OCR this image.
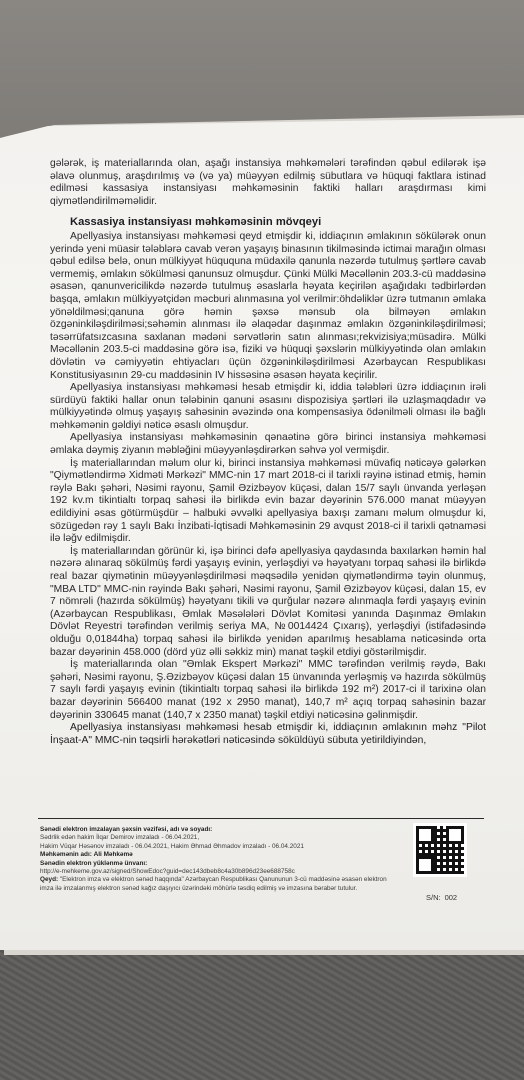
gələrək, iş materiallarında olan, aşağı instansiya məhkəmələri tərəfindən qəbul edilərək işə əlavə olunmuş, araşdırılmış və (və ya) müəyyən edilmiş sübutlara və hüquqi faktlara istinad edilməsi kassasiya instansiyası məhkəməsinin faktiki halları araşdırması kimi qiymətləndirilməməlidir.

Kassasiya instansiyası məhkəməsinin mövqeyi

Apellyasiya instansiyası məhkəməsi qeyd etmişdir ki, iddiaçının əmlakının sökülərək onun yerində yeni müasir tələblərə cavab verən yaşayış binasının tikilməsində ictimai marağın olması qəbul edilsə belə, onun mülkiyyət hüququna müdaxilə qanunla nəzərdə tutulmuş şərtlərə cavab vermemiş, əmlakın sökülməsi qanunsuz olmuşdur. Çünki Mülki Məcəllənin 203.3-cü maddəsinə əsasən, qanunvericilikdə nəzərdə tutulmuş əsaslarla həyata keçirilən aşağıdakı tədbirlərdən başqa, əmlakın mülkiyyətçidən məcburi alınmasına yol verilmir:öhdəliklər üzrə tutmanın əmlaka yönəldilməsi;qanuna görə həmin şəxsə mənsub ola bilməyən əmlakın özgəninkiləşdirilməsi;səhəmin alınması ilə əlaqədar daşınmaz əmlakın özgəninkiləşdirilməsi; təsərrüfatsızcasına saxlanan mədəni sərvətlərin satın alınması;rekvizisiya;müsadirə. Mülki Məcəllənin 203.5-ci maddəsinə görə isə, fiziki və hüquqi şəxslərin mülkiyyətində olan əmlakın dövlətin və cəmiyyətin ehtiyacları üçün özgəninkiləşdirilməsi Azərbaycan Respublikası Konstitusiyasının 29-cu maddəsinin IV hissəsinə əsasən həyata keçirilir.

Apellyasiya instansiyası məhkəməsi hesab etmişdir ki, iddia tələbləri üzrə iddiaçının irəli sürdüyü faktiki hallar onun tələbinin qanuni əsasını dispozisiya şərtləri ilə uzlaşmaqdadır və mülkiyyətində olmuş yaşayış sahəsinin əvəzində ona kompensasiya ödənilməli olması ilə bağlı məhkəmənin gəldiyi nəticə əsaslı olmuşdur.

Apellyasiya instansiyası məhkəməsinin qənaətinə görə birinci instansiya məhkəməsi əmlaka dəymiş ziyanın məbləğini müəyyənləşdirərkən səhvə yol vermişdir.

İş materiallarından məlum olur ki, birinci instansiya məhkəməsi müvafiq nəticəyə gələrkən "Qiymətləndirmə Xidməti Mərkəzi" MMC-nin 17 mart 2018-ci il tarixli rəyinə istinad etmiş, həmin rəylə Bakı şəhəri, Nəsimi rayonu, Şamil Əzizbəyov küçəsi, dalan 15/7 saylı ünvanda yerləşən 192 kv.m tikintialtı torpaq sahəsi ilə birlikdə evin bazar dəyərinin 576.000 manat müəyyən edildiyini əsas götürmüşdür – halbuki əvvəlki apellyasiya baxışı zamanı məlum olmuşdur ki, sözügedən rəy 1 saylı Bakı İnzibati-İqtisadi Məhkəməsinin 29 avqust 2018-ci il tarixli qətnaməsi ilə ləğv edilmişdir.

İş materiallarından görünür ki, işə birinci dəfə apellyasiya qaydasında baxılarkən həmin hal nəzərə alınaraq sökülmüş fərdi yaşayış evinin, yerləşdiyi və həyətyanı torpaq sahəsi ilə birlikdə real bazar qiymətinin müəyyənləşdirilməsi məqsədilə yenidən qiymətləndirmə təyin olunmuş, "MBA LTD" MMC-nin rəyində Bakı şəhəri, Nəsimi rayonu, Şamil Əzizbəyov küçəsi, dalan 15, ev 7 nömrəli (hazırda sökülmüş) həyətyanı tikili və qurğular nəzərə alınmaqla fərdi yaşayış evinin (Azərbaycan Respublikası, Əmlak Məsələləri Dövlət Komitəsi yanında Daşınmaz Əmlakın Dövlət Reyestri tərəfindən verilmiş seriya MA, №0014424 Çıxarış), yerləşdiyi (istifadəsində olduğu 0,01844ha) torpaq sahəsi ilə birlikdə yenidən aparılmış hesablama nəticəsində orta bazar dəyərinin 458.000 (dörd yüz əlli səkkiz min) manat təşkil etdiyi göstərilmişdir.

İş materiallarında olan "Əmlak Ekspert Mərkəzi" MMC tərəfindən verilmiş rəydə, Bakı şəhəri, Nəsimi rayonu, Ş.Əzizbəyov küçəsi dalan 15 ünvanında yerləşmiş və hazırda sökülmüş 7 saylı fərdi yaşayış evinin (tikintialtı torpaq sahəsi ilə birlikdə 192 m²) 2017-ci il tarixinə olan bazar dəyərinin 566400 manat (192 x 2950 manat), 140,7 m² açıq torpaq sahəsinin bazar dəyərinin 330645 manat (140,7 x 2350 manat) təşkil etdiyi nəticəsinə gəlinmişdir.

Apellyasiya instansiyası məhkəməsi hesab etmişdir ki, iddiaçının əmlakının məhz "Pilot İnşaat-A" MMC-nin təqsirli hərəkətləri nəticəsində söküldüyü sübuta yetirildiyindən,

Sənədi elektron imzalayan şəxsin vəzifəsi, adı və soyadı:
Sədrlik edən hakim İlqar Demirov imzaladı - 06.04.2021,
Hakim Vüqar Həsənov imzaladı - 06.04.2021, Hakim Əhmad Əhmadov imzaladı - 06.04.2021
Məhkəmənin adı: Ali Məhkəmə
Sənədin elektron yüklənmə ünvanı:
http://e-mehkeme.gov.az/signed/ShowEdoc?guid=dec143dbeb8c4a30b896d23ee688758c
Qeyd: "Elektron imza və elektron sənəd haqqında" Azərbaycan Respublikası Qanununun 3-cü maddəsinə əsasən elektron imza ilə imzalanmış elektron sənəd kağız daşıyıcı üzərindəki möhürlə təsdiq edilmiş və imzasına bərabər tutulur.
S/N: 002
